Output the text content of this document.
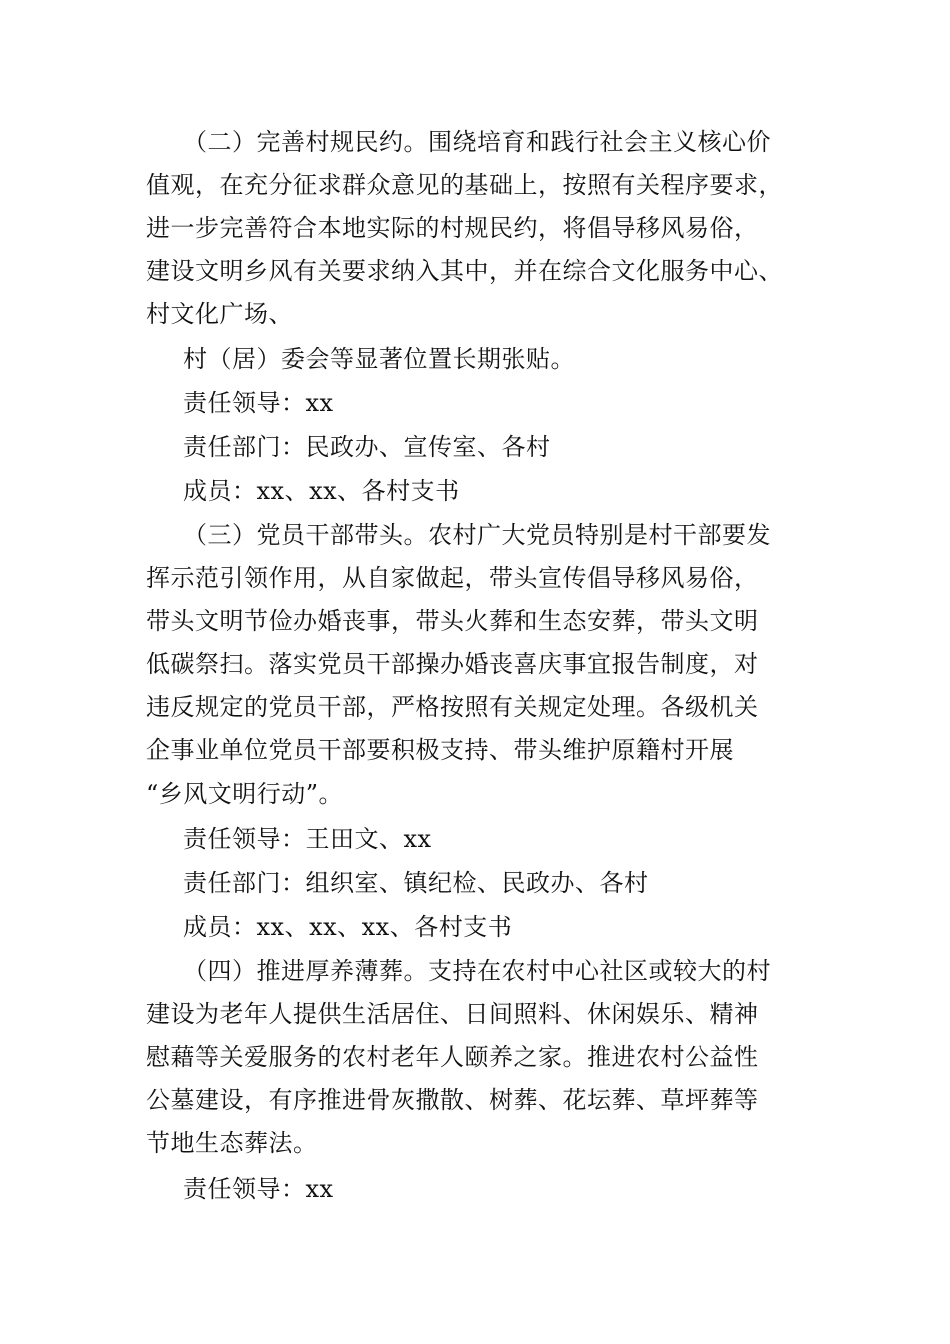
（二）完善村规民约。围绕培育和践行社会主义核心价
值观，在充分征求群众意见的基础上，按照有关程序要求，
进一步完善符合本地实际的村规民约，将倡导移风易俗，
建设文明乡风有关要求纳入其中，并在综合文化服务中心、
村文化广场、
村（居）委会等显著位置长期张贴。
责任领导：xx
责任部门：民政办、宣传室、各村
成员：xx、xx、各村支书
（三）党员干部带头。农村广大党员特别是村干部要发
挥示范引领作用，从自家做起，带头宣传倡导移风易俗，
带头文明节俭办婚丧事，带头火葬和生态安葬，带头文明
低碳祭扫。落实党员干部操办婚丧喜庆事宜报告制度，对
违反规定的党员干部，严格按照有关规定处理。各级机关
企事业单位党员干部要积极支持、带头维护原籍村开展
“乡风文明行动”。
责任领导：王田文、xx
责任部门：组织室、镇纪检、民政办、各村
成员：xx、xx、xx、各村支书
（四）推进厚养薄葬。支持在农村中心社区或较大的村
建设为老年人提供生活居住、日间照料、休闲娱乐、精神
慰藉等关爱服务的农村老年人颐养之家。推进农村公益性
公墓建设，有序推进骨灰撒散、树葬、花坛葬、草坪葬等
节地生态葬法。
责任领导：xx
